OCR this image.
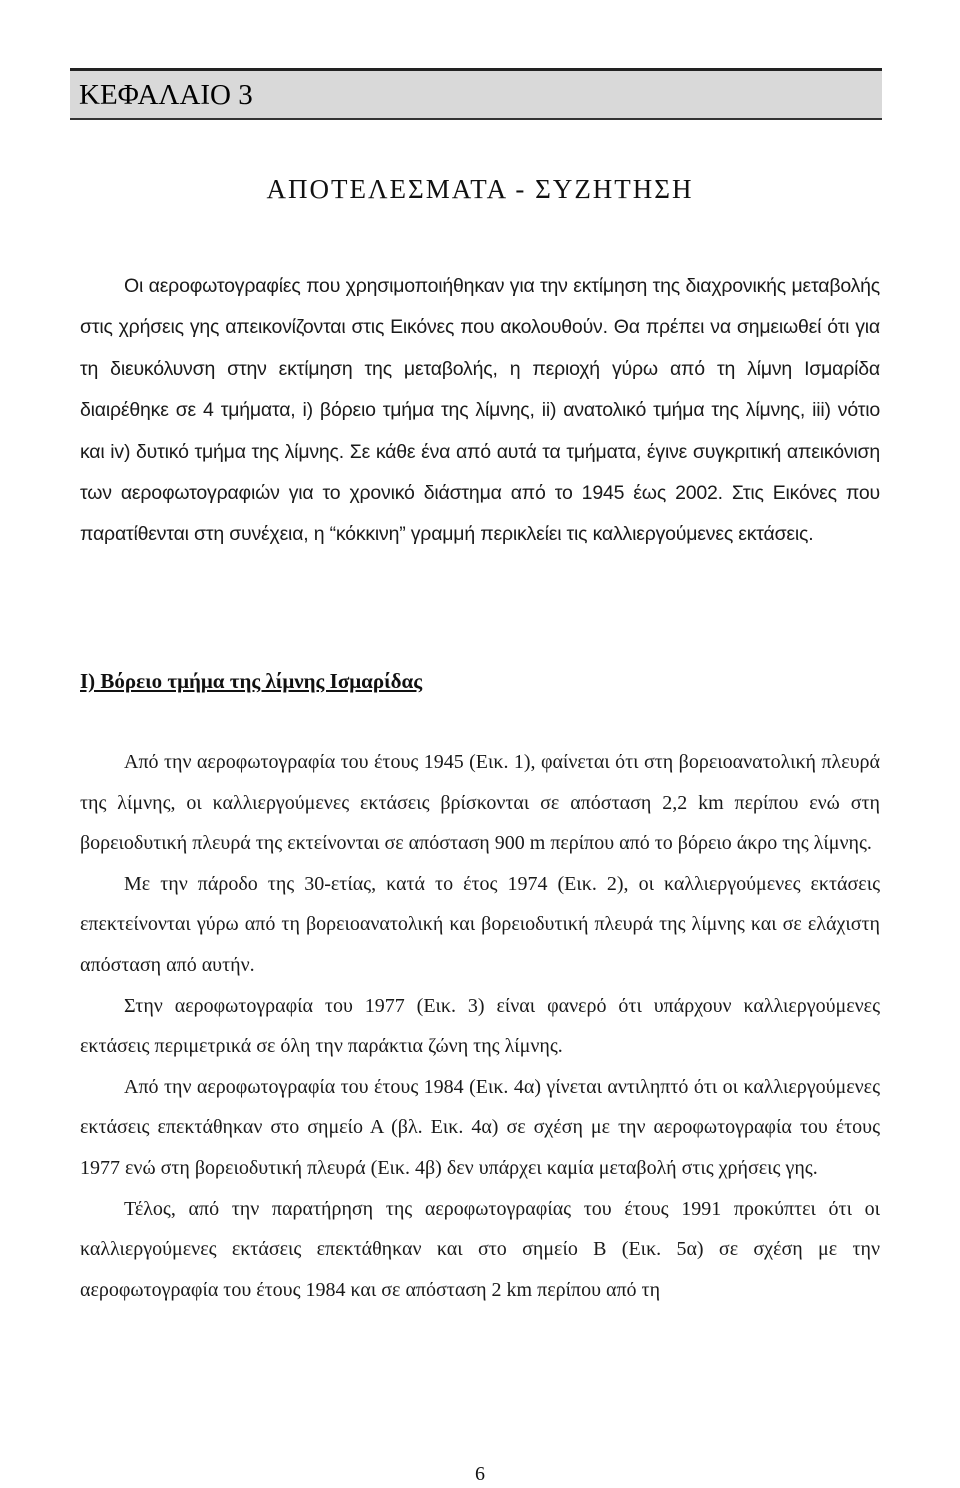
ΚΕΦΑΛΑΙΟ 3
ΑΠΟΤΕΛΕΣΜΑΤΑ - ΣΥΖΗΤΗΣΗ

Οι αεροφωτογραφίες που χρησιμοποιήθηκαν για την εκτίμηση της διαχρονικής μεταβολής στις χρήσεις γης απεικονίζονται στις Εικόνες που ακολουθούν. Θα πρέπει να σημειωθεί ότι για τη διευκόλυνση στην εκτίμηση της μεταβολής, η περιοχή γύρω από τη λίμνη Ισμαρίδα διαιρέθηκε σε 4 τμήματα, i) βόρειο τμήμα της λίμνης, ii) ανατολικό τμήμα της λίμνης, iii) νότιο και iv) δυτικό τμήμα της λίμνης. Σε κάθε ένα από αυτά τα τμήματα, έγινε συγκριτική απεικόνιση των αεροφωτογραφιών για το χρονικό διάστημα από το 1945 έως 2002. Στις Εικόνες που παρατίθενται στη συνέχεια, η “κόκκινη” γραμμή περικλείει τις καλλιεργούμενες εκτάσεις.

I) Βόρειο τμήμα της λίμνης Ισμαρίδας

Από την αεροφωτογραφία του έτους 1945 (Εικ. 1), φαίνεται ότι στη βορειοανατολική πλευρά της λίμνης, οι καλλιεργούμενες εκτάσεις βρίσκονται σε απόσταση 2,2 km περίπου ενώ στη βορειοδυτική πλευρά της εκτείνονται σε απόσταση 900 m περίπου από το βόρειο άκρο της λίμνης.

Με την πάροδο της 30-ετίας, κατά το έτος 1974 (Εικ. 2), οι καλλιεργούμενες εκτάσεις επεκτείνονται γύρω από τη βορειοανατολική και βορειοδυτική πλευρά της λίμνης και σε ελάχιστη απόσταση από αυτήν.

Στην αεροφωτογραφία του 1977 (Εικ. 3) είναι φανερό ότι υπάρχουν καλλιεργούμενες εκτάσεις περιμετρικά σε όλη την παράκτια ζώνη της λίμνης.

Από την αεροφωτογραφία του έτους 1984 (Εικ. 4α) γίνεται αντιληπτό ότι οι καλλιεργούμενες εκτάσεις επεκτάθηκαν στο σημείο Α (βλ. Εικ. 4α) σε σχέση με την αεροφωτογραφία του έτους 1977 ενώ στη βορειοδυτική πλευρά (Εικ. 4β) δεν υπάρχει καμία μεταβολή στις χρήσεις γης.

Τέλος, από την παρατήρηση της αεροφωτογραφίας του έτους 1991 προκύπτει ότι οι καλλιεργούμενες εκτάσεις επεκτάθηκαν και στο σημείο Β (Εικ. 5α) σε σχέση με την αεροφωτογραφία του έτους 1984 και σε απόσταση 2 km περίπου από τη

6
